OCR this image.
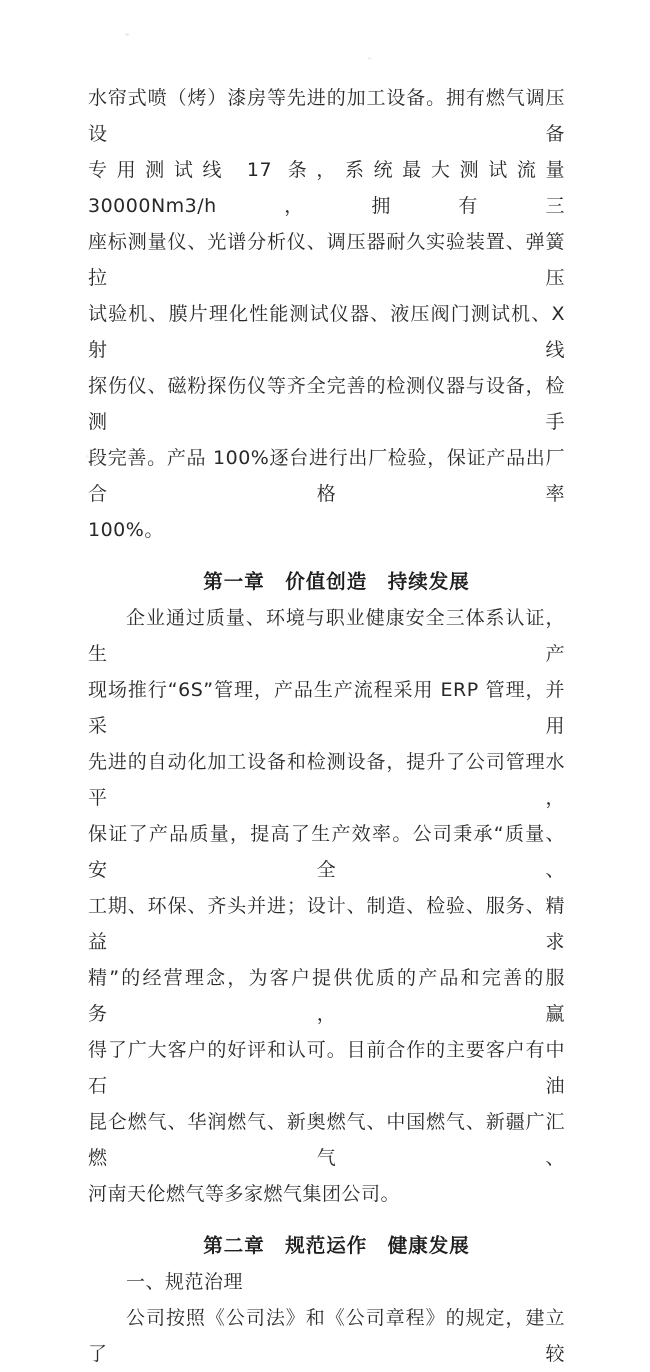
水帘式喷（烤）漆房等先进的加工设备。拥有燃气调压设备
专用测试线 17 条，系统最大测试流量 30000Nm3/h，拥有三
座标测量仪、光谱分析仪、调压器耐久实验装置、弹簧拉压
试验机、膜片理化性能测试仪器、液压阀门测试机、X 射线
探伤仪、磁粉探伤仪等齐全完善的检测仪器与设备，检测手
段完善。产品 100%逐台进行出厂检验，保证产品出厂合格率
100%。
第一章　价值创造　持续发展
企业通过质量、环境与职业健康安全三体系认证，生产
现场推行“6S”管理，产品生产流程采用 ERP 管理，并采用
先进的自动化加工设备和检测设备，提升了公司管理水平，
保证了产品质量，提高了生产效率。公司秉承“质量、安全、
工期、环保、齐头并进；设计、制造、检验、服务、精益求
精”的经营理念，为客户提供优质的产品和完善的服务，赢
得了广大客户的好评和认可。目前合作的主要客户有中石油
昆仑燃气、华润燃气、新奥燃气、中国燃气、新疆广汇燃气、
河南天伦燃气等多家燃气集团公司。
第二章　规范运作　健康发展
一、规范治理
公司按照《公司法》和《公司章程》的规定，建立了较
